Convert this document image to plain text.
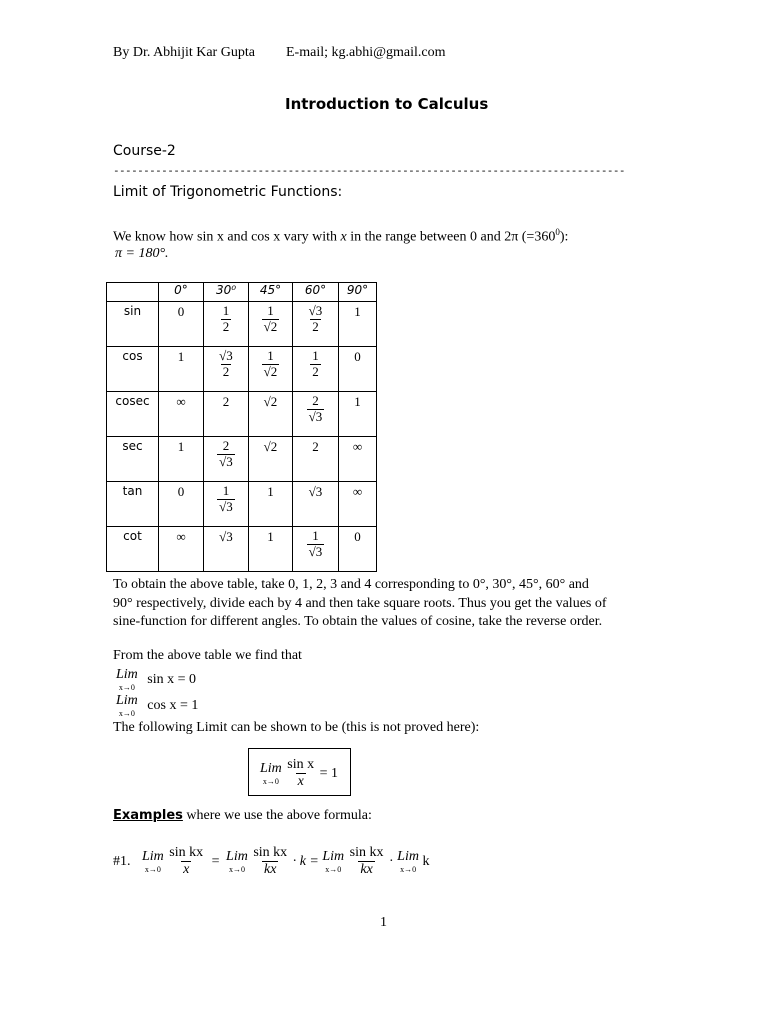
By Dr. Abhijit Kar Gupta E-mail; kg.abhi@gmail.com
Introduction to Calculus
Course-2
-------------------------------------------------------------------------------------
Limit of Trigonometric Functions:
We know how sin x and cos x vary with x in the range between 0 and 2π $(=360^0)$:
π = 180°.
	0°	30⁰	45°	60°	90°
sin	0	$\frac{1}{2}$	$\frac{1}{√2}$	$\frac{√3}{2}$	1
cos	1	$\frac{√3}{2}$	$\frac{1}{√2}$	$\frac{1}{2}$	0
cosec	∞	2	√2	$\frac{2}{√3}$	1
sec	1	$\frac{2}{√3}$	√2	2	∞
tan	0	$\frac{1}{√3}$	1	√3	∞
cot	∞	√3	1	$\frac{1}{√3}$	0
To obtain the above table, take 0, 1, 2, 3 and 4 corresponding to 0°, 30°, 45°, 60° and
90° respectively, divide each by 4 and then take square roots. Thus you get the values of
sine-function for different angles. To obtain the values of cosine, take the reverse order.
From the above table we find that
Lim
x→0
sin x = 0
Lim
x→0
cos x = 1
The following Limit can be shown to be (this is not proved here):
Lim
x→0
$\frac{\text{sin x}}{x} = 1$
Examples where we use the above formula:
#1. Lim
x→0
$\frac{\text{sin kx}}{x}$ = Lim
x→0
$\frac{\text{sin kx}}{kx} \cdot k$ = Lim
x→0
$\frac{\text{sin kx}}{kx}$ · Lim
x→0
k
1
